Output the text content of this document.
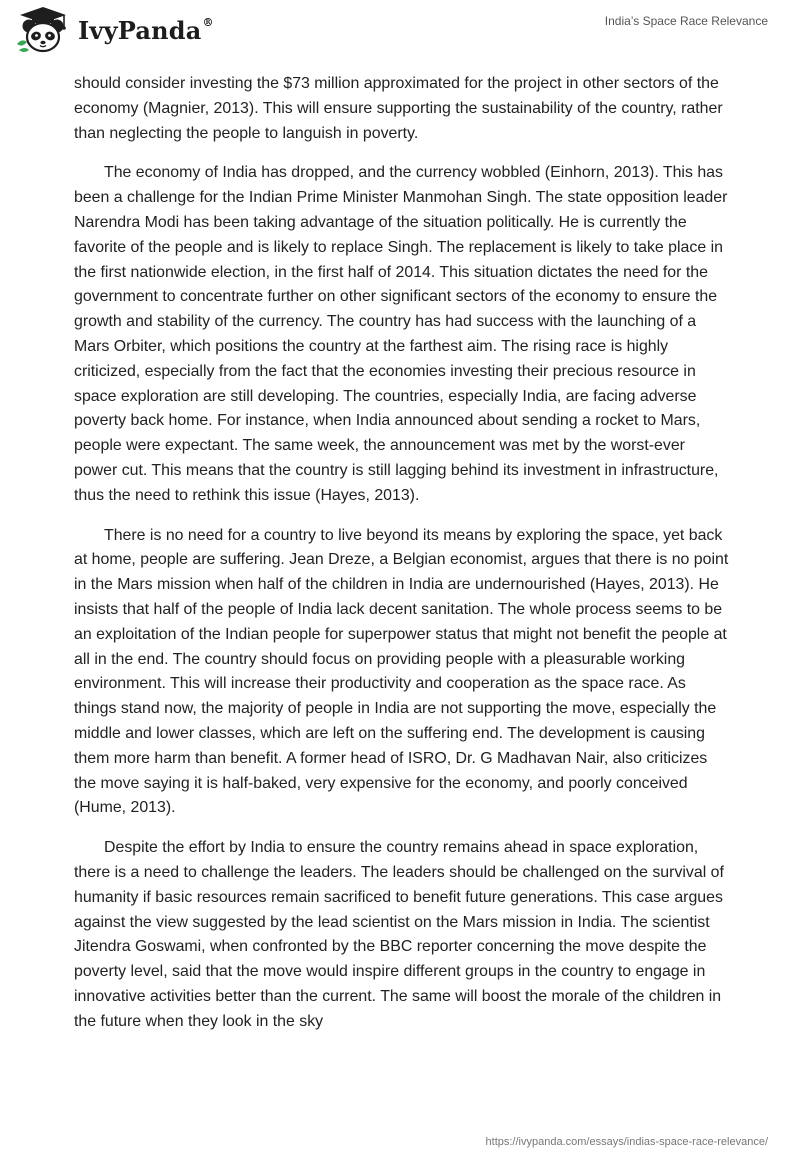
IvyPanda®	India’s Space Race Relevance

should consider investing the $73 million approximated for the project in other sectors of the economy (Magnier, 2013). This will ensure supporting the sustainability of the country, rather than neglecting the people to languish in poverty.

The economy of India has dropped, and the currency wobbled (Einhorn, 2013). This has been a challenge for the Indian Prime Minister Manmohan Singh. The state opposition leader Narendra Modi has been taking advantage of the situation politically. He is currently the favorite of the people and is likely to replace Singh. The replacement is likely to take place in the first nationwide election, in the first half of 2014. This situation dictates the need for the government to concentrate further on other significant sectors of the economy to ensure the growth and stability of the currency. The country has had success with the launching of a Mars Orbiter, which positions the country at the farthest aim. The rising race is highly criticized, especially from the fact that the economies investing their precious resource in space exploration are still developing. The countries, especially India, are facing adverse poverty back home. For instance, when India announced about sending a rocket to Mars, people were expectant. The same week, the announcement was met by the worst-ever power cut. This means that the country is still lagging behind its investment in infrastructure, thus the need to rethink this issue (Hayes, 2013).

There is no need for a country to live beyond its means by exploring the space, yet back at home, people are suffering. Jean Dreze, a Belgian economist, argues that there is no point in the Mars mission when half of the children in India are undernourished (Hayes, 2013). He insists that half of the people of India lack decent sanitation. The whole process seems to be an exploitation of the Indian people for superpower status that might not benefit the people at all in the end. The country should focus on providing people with a pleasurable working environment. This will increase their productivity and cooperation as the space race. As things stand now, the majority of people in India are not supporting the move, especially the middle and lower classes, which are left on the suffering end. The development is causing them more harm than benefit. A former head of ISRO, Dr. G Madhavan Nair, also criticizes the move saying it is half-baked, very expensive for the economy, and poorly conceived (Hume, 2013).

Despite the effort by India to ensure the country remains ahead in space exploration, there is a need to challenge the leaders. The leaders should be challenged on the survival of humanity if basic resources remain sacrificed to benefit future generations. This case argues against the view suggested by the lead scientist on the Mars mission in India. The scientist Jitendra Goswami, when confronted by the BBC reporter concerning the move despite the poverty level, said that the move would inspire different groups in the country to engage in innovative activities better than the current. The same will boost the morale of the children in the future when they look in the sky

https://ivypanda.com/essays/indias-space-race-relevance/
